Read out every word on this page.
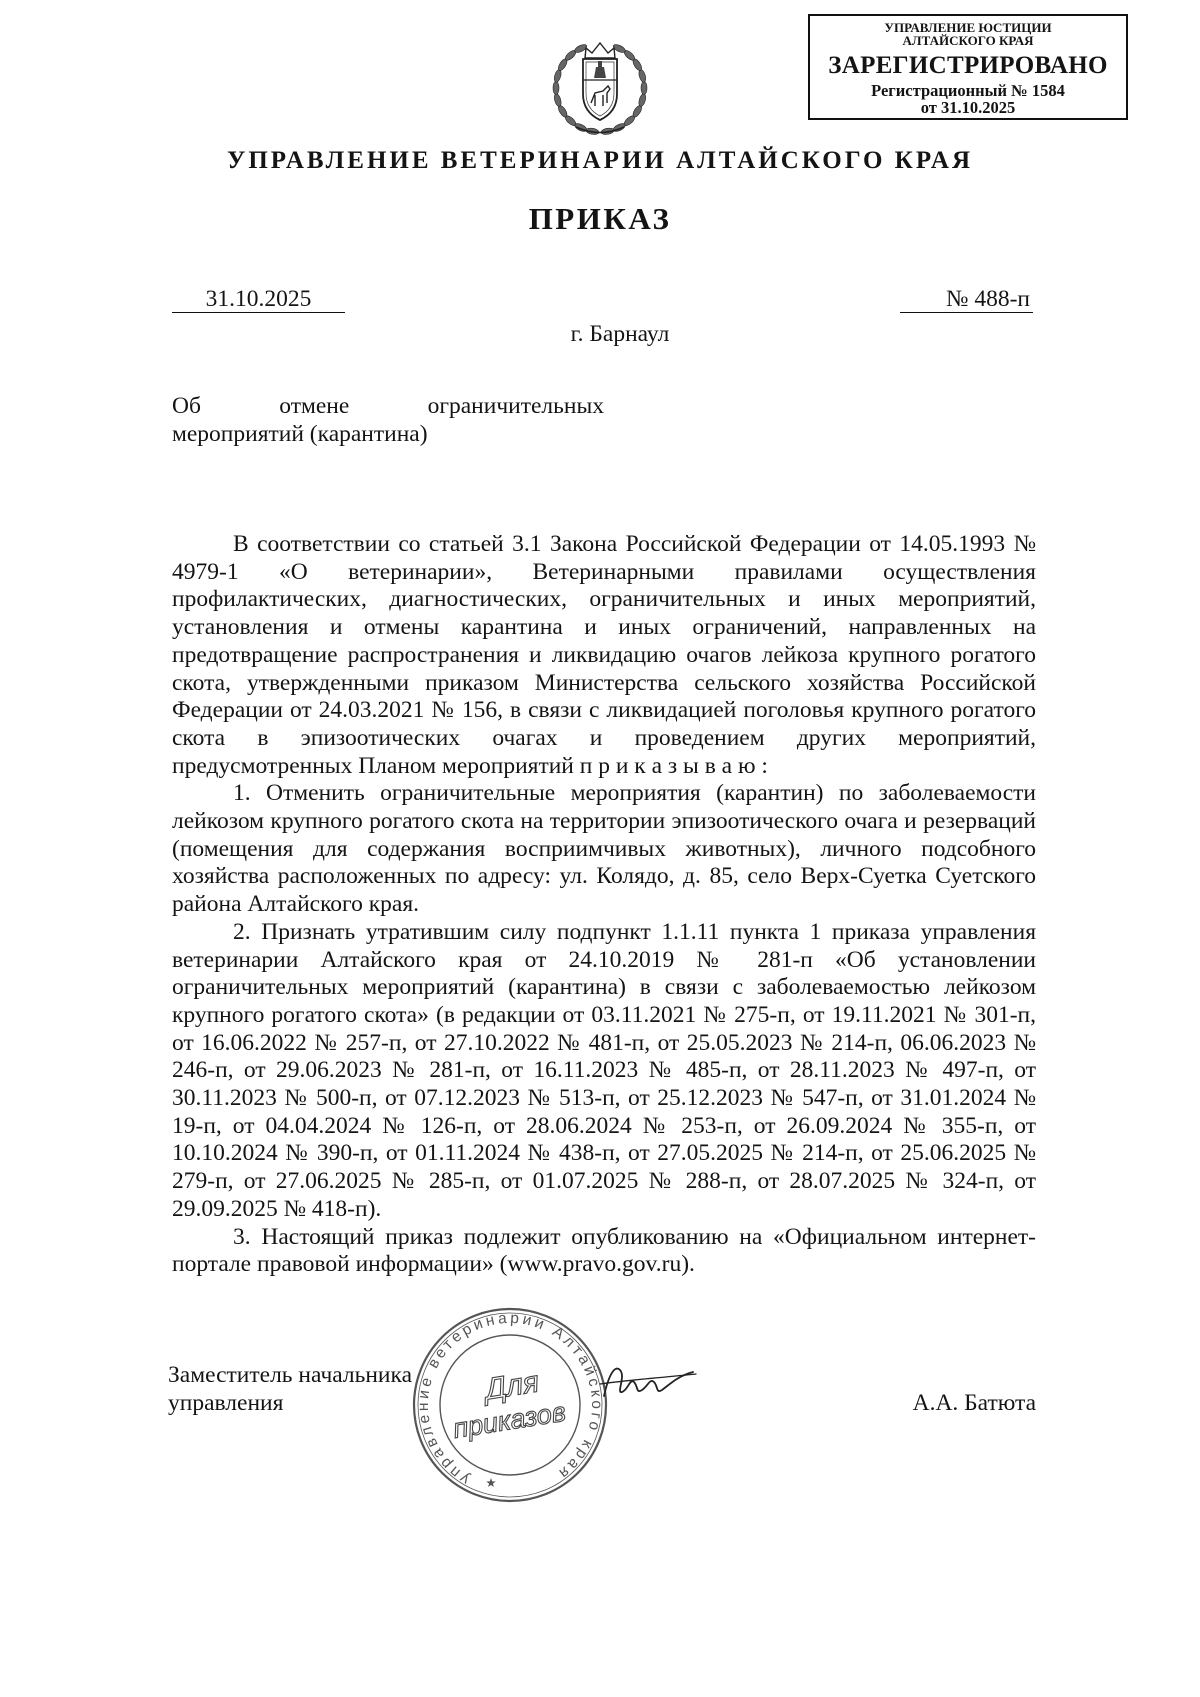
УПРАВЛЕНИЕ ЮСТИЦИИ
АЛТАЙСКОГО КРАЯ
ЗАРЕГИСТРИРОВАНО
Регистрационный № 1584
от 31.10.2025
УПРАВЛЕНИЕ ВЕТЕРИНАРИИ АЛТАЙСКОГО КРАЯ
ПРИКАЗ
31.10.2025	№ 488-п
г. Барнаул
Об отмене ограничительных
мероприятий (карантина)

В соответствии со статьей 3.1 Закона Российской Федерации от 14.05.1993 № 4979-1 «О ветеринарии», Ветеринарными правилами осуществления профилактических, диагностических, ограничительных и иных мероприятий, установления и отмены карантина и иных ограничений, направленных на предотвращение распространения и ликвидацию очагов лейкоза крупного рогатого скота, утвержденными приказом Министерства сельского хозяйства Российской Федерации от 24.03.2021 № 156, в связи с ликвидацией поголовья крупного рогатого скота в эпизоотических очагах и проведением других мероприятий, предусмотренных Планом мероприятий п р и к а з ы в а ю :

1. Отменить ограничительные мероприятия (карантин) по заболеваемости лейкозом крупного рогатого скота на территории эпизоотического очага и резерваций (помещения для содержания восприимчивых животных), личного подсобного хозяйства расположенных по адресу: ул. Колядо, д. 85, село Верх-Суетка Суетского района Алтайского края.

2. Признать утратившим силу подпункт 1.1.11 пункта 1 приказа управления ветеринарии Алтайского края от 24.10.2019 № 281-п «Об установлении ограничительных мероприятий (карантина) в связи с заболеваемостью лейкозом крупного рогатого скота» (в редакции от 03.11.2021 № 275-п, от 19.11.2021 № 301-п, от 16.06.2022 № 257-п, от 27.10.2022 № 481-п, от 25.05.2023 № 214-п, 06.06.2023 № 246-п, от 29.06.2023 № 281-п, от 16.11.2023 № 485-п, от 28.11.2023 № 497-п, от 30.11.2023 № 500-п, от 07.12.2023 № 513-п, от 25.12.2023 № 547-п, от 31.01.2024 № 19-п, от 04.04.2024 № 126-п, от 28.06.2024 № 253-п, от 26.09.2024 № 355-п, от 10.10.2024 № 390-п, от 01.11.2024 № 438-п, от 27.05.2025 № 214-п, от 25.06.2025 № 279-п, от 27.06.2025 № 285-п, от 01.07.2025 № 288-п, от 28.07.2025 № 324-п, от 29.09.2025 № 418-п).

3. Настоящий приказ подлежит опубликованию на «Официальном интернет-портале правовой информации» (www.pravo.gov.ru).

Заместитель начальника
управления	А.А. Батюта
управление ветеринарии Алтайского края
Для
приказов
